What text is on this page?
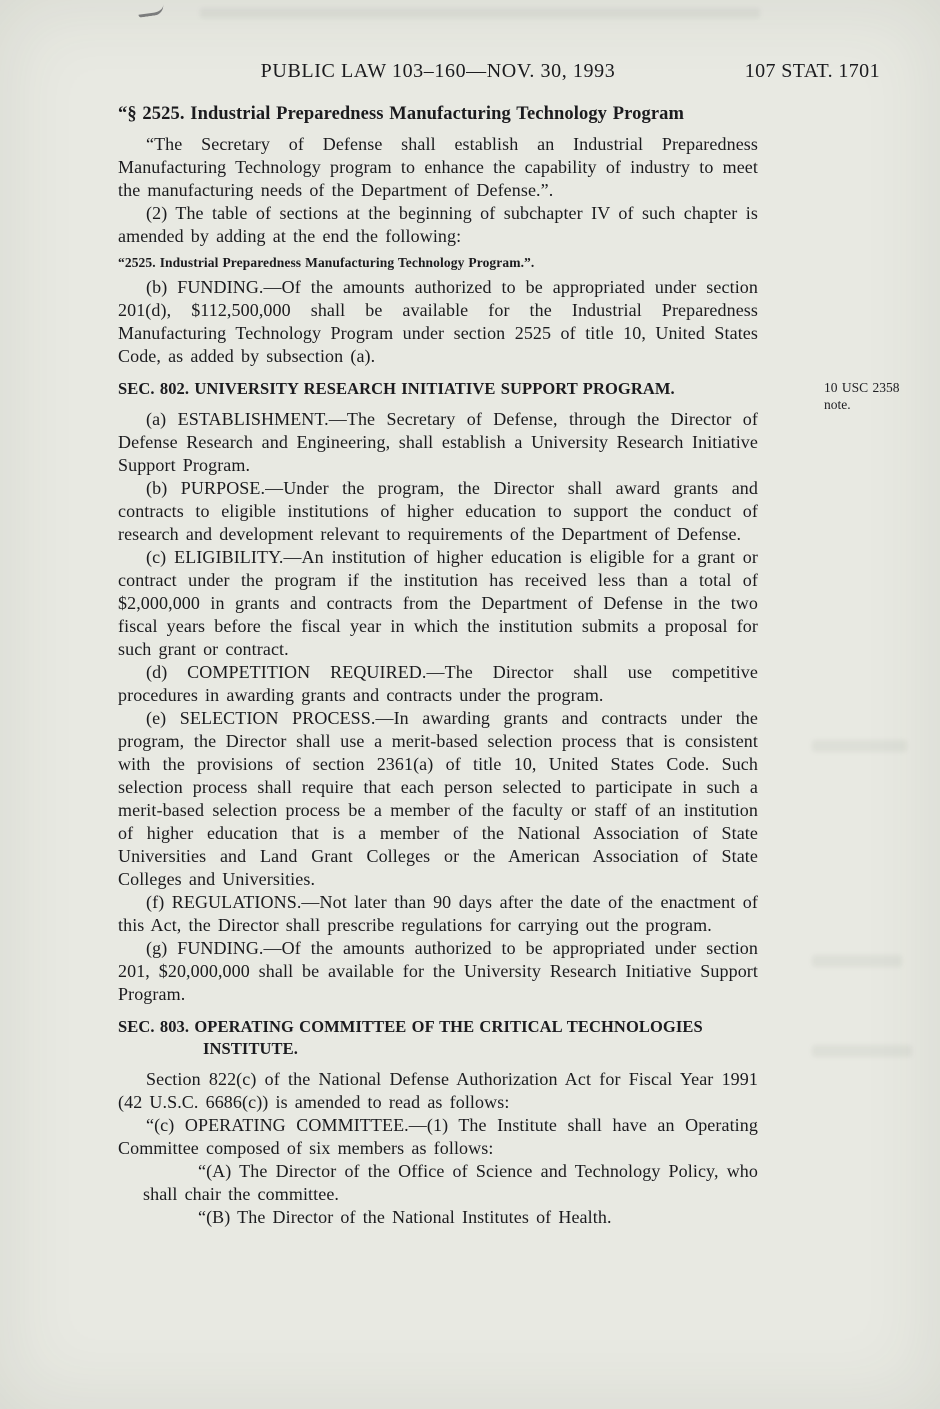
PUBLIC LAW 103–160—NOV. 30, 1993	107 STAT. 1701
“§ 2525. Industrial Preparedness Manufacturing Technology Program

“The Secretary of Defense shall establish an Industrial Preparedness Manufacturing Technology program to enhance the capability of industry to meet the manufacturing needs of the Department of Defense.”.

(2) The table of sections at the beginning of subchapter IV of such chapter is amended by adding at the end the following:

“2525. Industrial Preparedness Manufacturing Technology Program.”.

(b) FUNDING.—Of the amounts authorized to be appropriated under section 201(d), $112,500,000 shall be available for the Industrial Preparedness Manufacturing Technology Program under section 2525 of title 10, United States Code, as added by subsection (a).

SEC. 802. UNIVERSITY RESEARCH INITIATIVE SUPPORT PROGRAM.	10 USC 2358 note.

(a) ESTABLISHMENT.—The Secretary of Defense, through the Director of Defense Research and Engineering, shall establish a University Research Initiative Support Program.

(b) PURPOSE.—Under the program, the Director shall award grants and contracts to eligible institutions of higher education to support the conduct of research and development relevant to requirements of the Department of Defense.

(c) ELIGIBILITY.—An institution of higher education is eligible for a grant or contract under the program if the institution has received less than a total of $2,000,000 in grants and contracts from the Department of Defense in the two fiscal years before the fiscal year in which the institution submits a proposal for such grant or contract.

(d) COMPETITION REQUIRED.—The Director shall use competitive procedures in awarding grants and contracts under the program.

(e) SELECTION PROCESS.—In awarding grants and contracts under the program, the Director shall use a merit-based selection process that is consistent with the provisions of section 2361(a) of title 10, United States Code. Such selection process shall require that each person selected to participate in such a merit-based selection process be a member of the faculty or staff of an institution of higher education that is a member of the National Association of State Universities and Land Grant Colleges or the American Association of State Colleges and Universities.

(f) REGULATIONS.—Not later than 90 days after the date of the enactment of this Act, the Director shall prescribe regulations for carrying out the program.

(g) FUNDING.—Of the amounts authorized to be appropriated under section 201, $20,000,000 shall be available for the University Research Initiative Support Program.

SEC. 803. OPERATING COMMITTEE OF THE CRITICAL TECHNOLOGIES INSTITUTE.

Section 822(c) of the National Defense Authorization Act for Fiscal Year 1991 (42 U.S.C. 6686(c)) is amended to read as follows:

“(c) OPERATING COMMITTEE.—(1) The Institute shall have an Operating Committee composed of six members as follows:

“(A) The Director of the Office of Science and Technology Policy, who shall chair the committee.

“(B) The Director of the National Institutes of Health.
